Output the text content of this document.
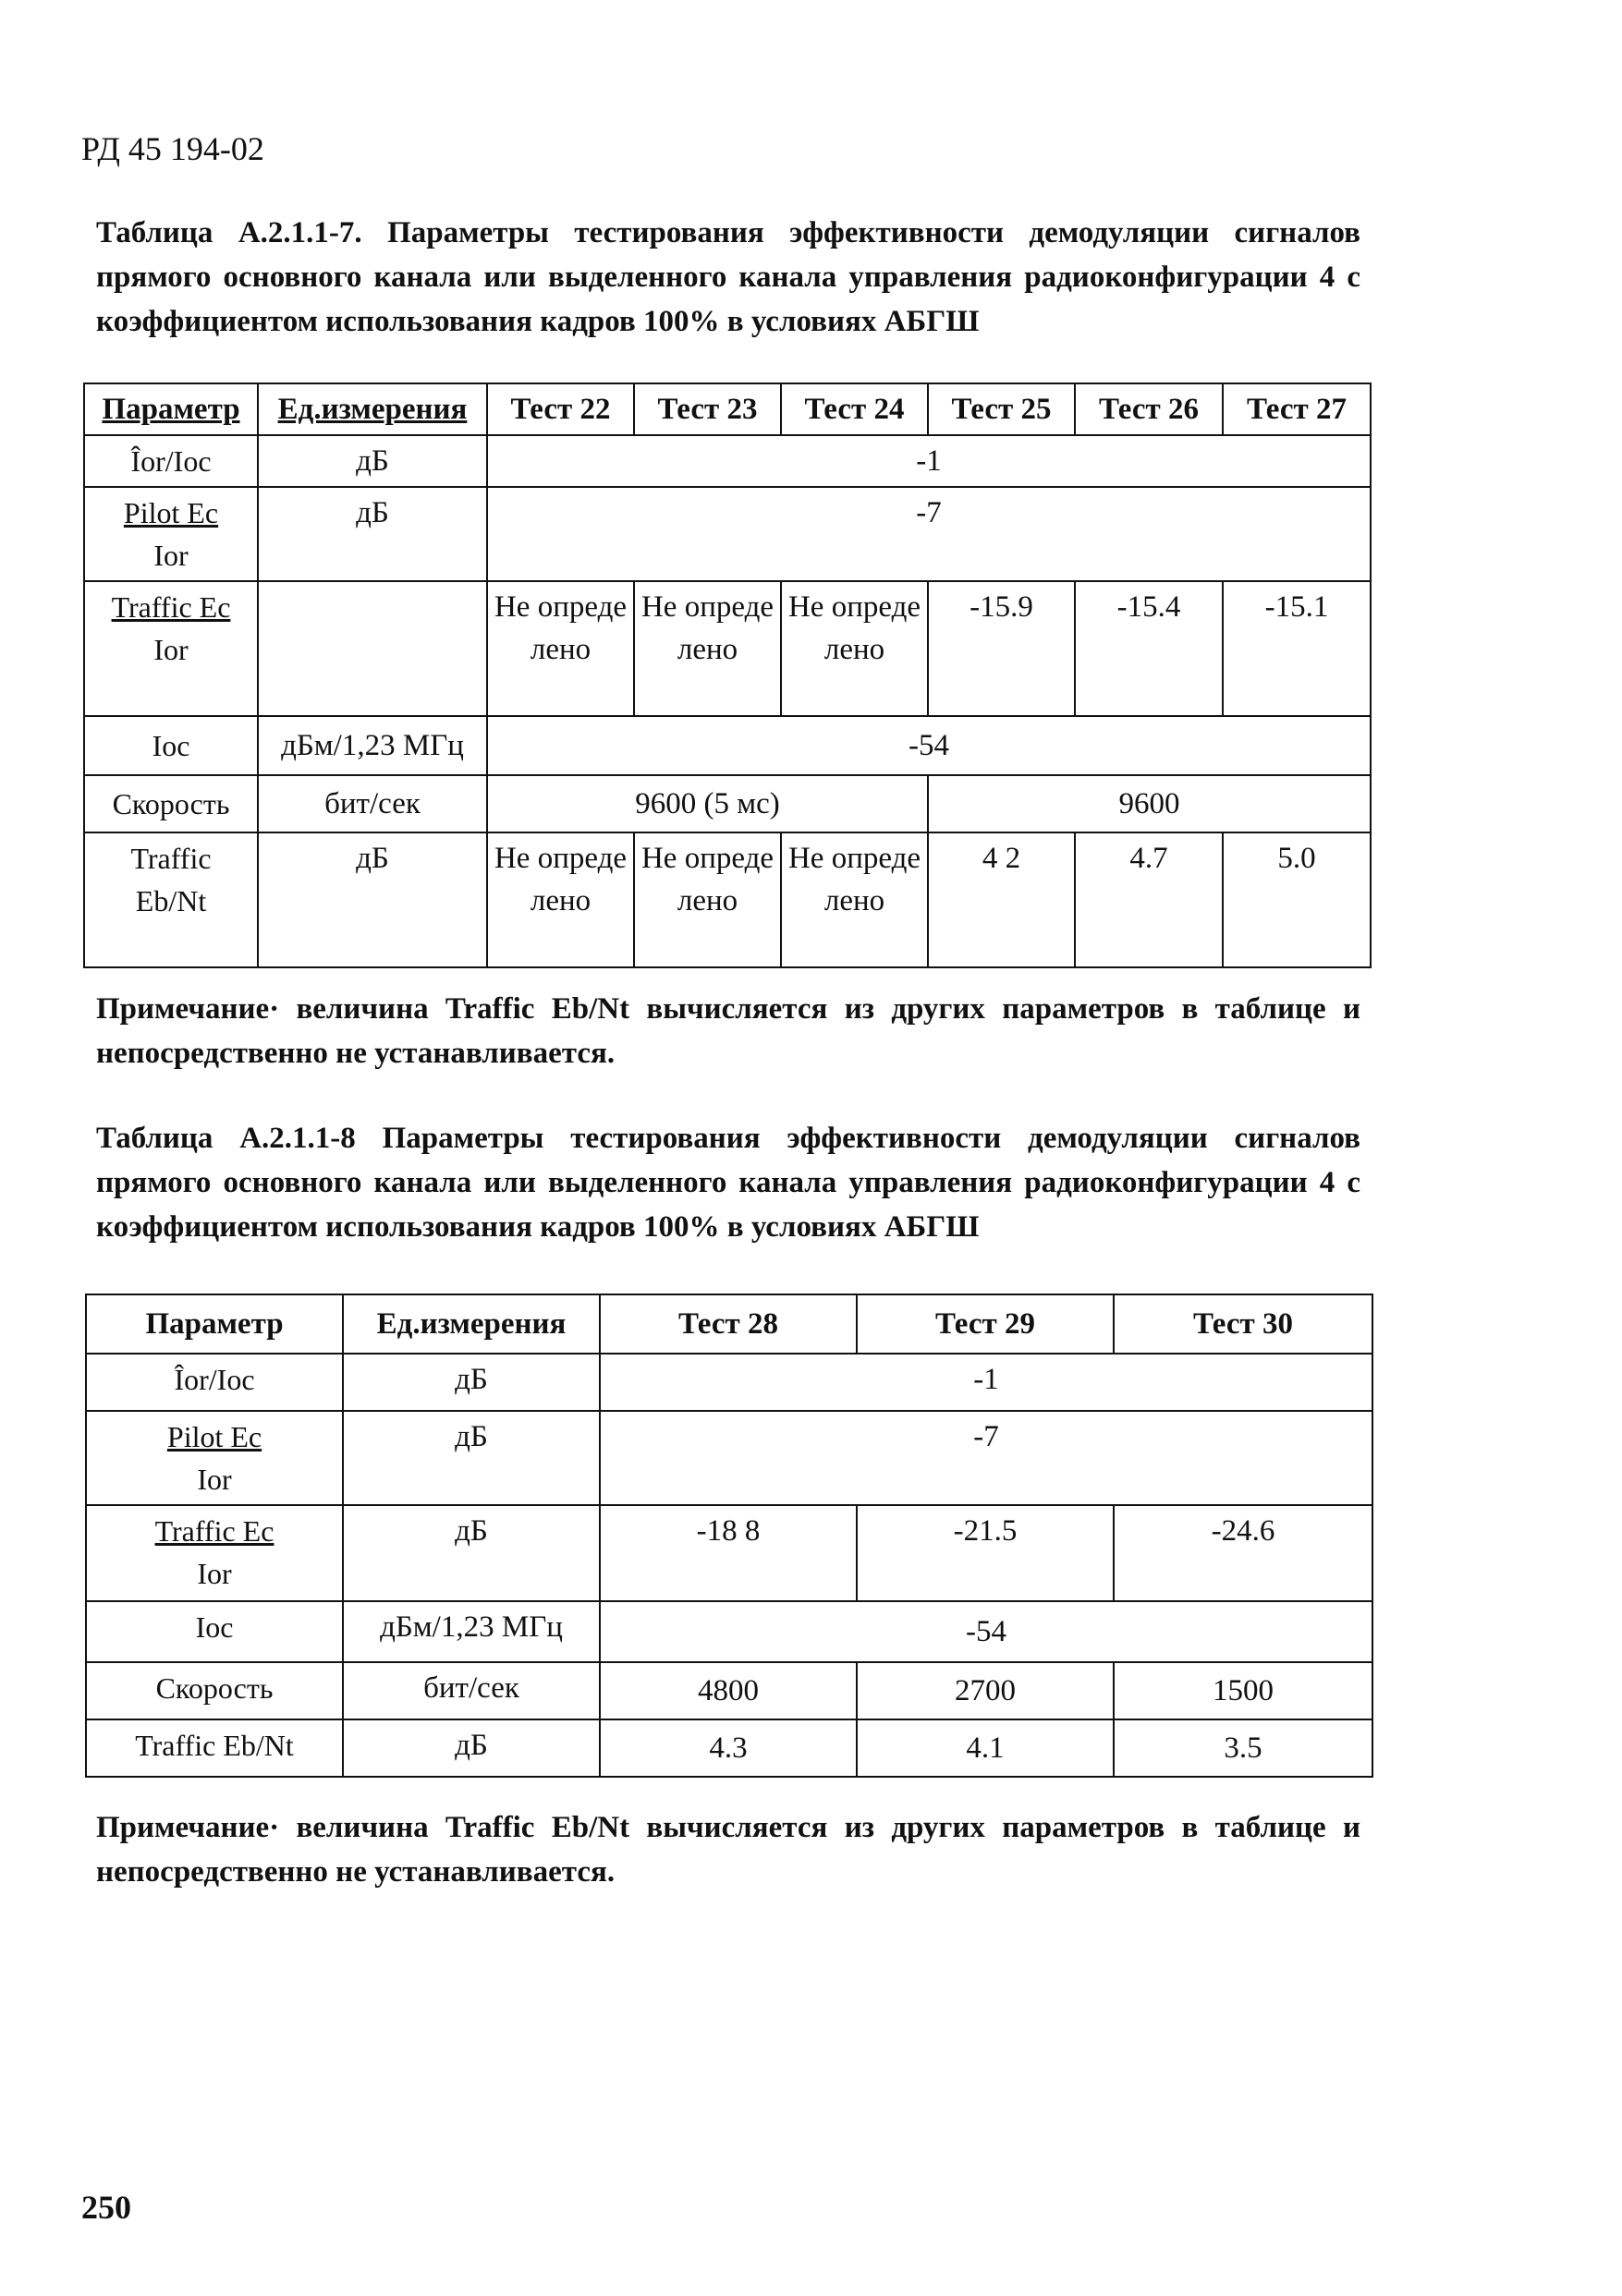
РД 45 194-02
Таблица А.2.1.1-7. Параметры тестирования эффективности демодуляции сигналов прямого основного канала или выделенного канала управления радиоконфигурации 4 с коэффициентом использования кадров 100% в условиях АБГШ
Параметр	Ед.измерения	Тест 22	Тест 23	Тест 24	Тест 25	Тест 26	Тест 27
Îor/Ioc	дБ	-1					

Pilot Ec
Ior	дБ	-7					

Traffic Ec
Ior		Не опреде лено	Не опреде лено	Не опреде лено	-15.9	-15.4	-15.1
Ioc	дБм/1,23 МГц	-54					
Скорость	бит/сек	9600 (5 мс)			9600		

Traffic
Eb/Nt	дБ	Не опреде лено	Не опреде лено	Не опреде лено	4 2	4.7	5.0
Примечание· величина Traffic Eb/Nt вычисляется из других параметров в таблице и непосредственно не устанавливается.
Таблица А.2.1.1-8 Параметры тестирования эффективности демодуляции сигналов прямого основного канала или выделенного канала управления радиоконфигурации 4 с коэффициентом использования кадров 100% в условиях АБГШ
Параметр	Ед.измерения	Тест 28	Тест 29	Тест 30
Îor/Ioc	дБ	-1		

Pilot Ec
Ior	дБ	-7		

Traffic Ec
Ior	дБ	-18 8	-21.5	-24.6
Ioc	дБм/1,23 МГц	-54		
Скорость	бит/сек	4800	2700	1500
Traffic Eb/Nt	дБ	4.3	4.1	3.5
Примечание· величина Traffic Eb/Nt вычисляется из других параметров в таблице и непосредственно не устанавливается.
250
